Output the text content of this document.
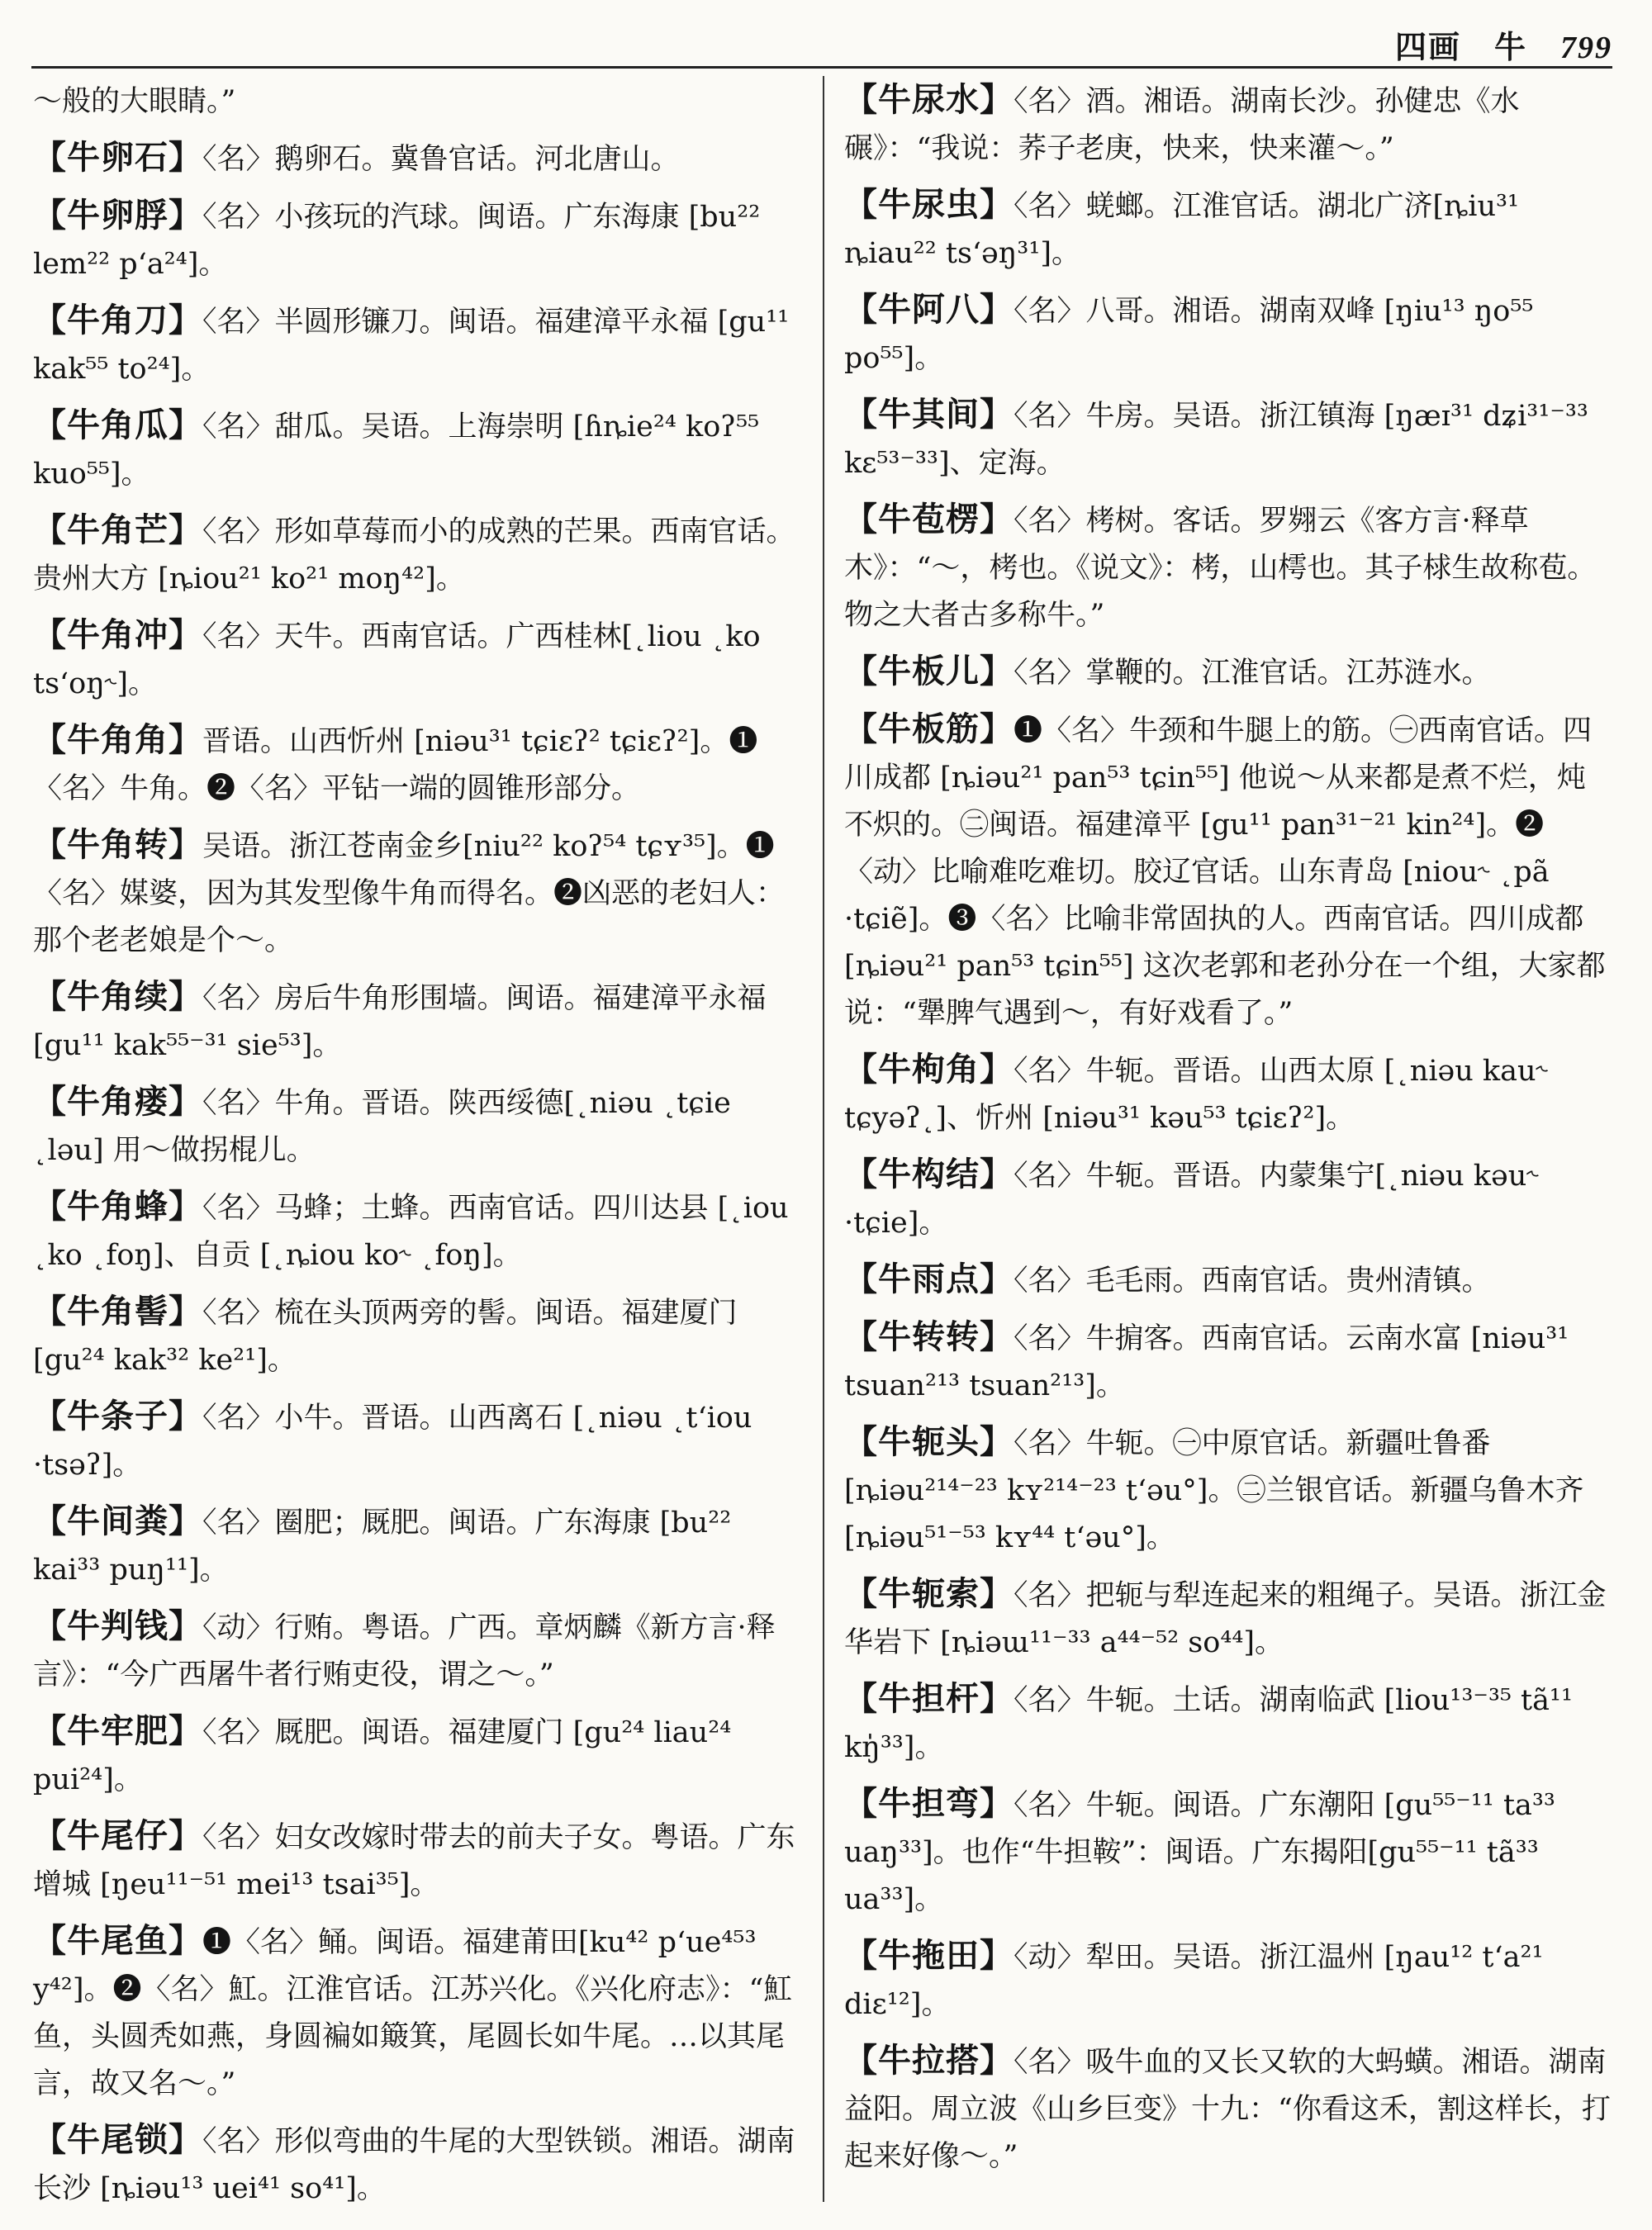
四画　牛 799
～般的大眼睛。”
【牛卵石】〈名〉鹅卵石。冀鲁官话。河北唐山。
【牛卵脬】〈名〉小孩玩的汽球。闽语。广东海康 [bu²² lem²² p‘a²⁴]。
【牛角刀】〈名〉半圆形镰刀。闽语。福建漳平永福 [gu¹¹ kak⁵⁵ to²⁴]。
【牛角瓜】〈名〉甜瓜。吴语。上海崇明 [ɦȵie²⁴ koʔ⁵⁵ kuo⁵⁵]。
【牛角芒】〈名〉形如草莓而小的成熟的芒果。西南官话。贵州大方 [ȵiou²¹ ko²¹ moŋ⁴²]。
【牛角冲】〈名〉天牛。西南官话。广西桂林[˛liou ˛ko ts‘oŋ˞]。
【牛角角】晋语。山西忻州 [niəu³¹ tɕiɛʔ² tɕiɛʔ²]。❶〈名〉牛角。❷〈名〉平钻一端的圆锥形部分。
【牛角转】吴语。浙江苍南金乡[niu²² koʔ⁵⁴ tɕʏ³⁵]。❶〈名〉媒婆，因为其发型像牛角而得名。❷凶恶的老妇人：那个老老娘是个～。
【牛角续】〈名〉房后牛角形围墙。闽语。福建漳平永福 [gu¹¹ kak⁵⁵⁻³¹ sie⁵³]。
【牛角瘘】〈名〉牛角。晋语。陕西绥德[˛niəu ˛tɕie ˛ləu] 用～做拐棍儿。
【牛角蜂】〈名〉马蜂；土蜂。西南官话。四川达县 [˛iou ˛ko ˛foŋ]、自贡 [˛ȵiou ko˞ ˛foŋ]。
【牛角髻】〈名〉梳在头顶两旁的髻。闽语。福建厦门 [gu²⁴ kak³² ke²¹]。
【牛条子】〈名〉小牛。晋语。山西离石 [˛niəu ˛t‘iou ·tsəʔ]。
【牛间粪】〈名〉圈肥；厩肥。闽语。广东海康 [bu²² kai³³ puŋ¹¹]。
【牛判钱】〈动〉行贿。粤语。广西。章炳麟《新方言·释言》：“今广西屠牛者行贿吏役，谓之～。”
【牛牢肥】〈名〉厩肥。闽语。福建厦门 [gu²⁴ liau²⁴ pui²⁴]。
【牛尾仔】〈名〉妇女改嫁时带去的前夫子女。粤语。广东增城 [ŋeu¹¹⁻⁵¹ mei¹³ tsai³⁵]。
【牛尾鱼】❶〈名〉鲬。闽语。福建莆田[ku⁴² p‘ue⁴⁵³ y⁴²]。❷〈名〉魟。江淮官话。江苏兴化。《兴化府志》：“魟鱼，头圆秃如燕，身圆褊如簸箕，尾圆长如牛尾。…以其尾言，故又名～。”
【牛尾锁】〈名〉形似弯曲的牛尾的大型铁锁。湘语。湖南长沙 [ȵiəu¹³ uei⁴¹ so⁴¹]。
【牛尿水】〈名〉酒。湘语。湖南长沙。孙健忠《水碾》：“我说：荞子老庚，快来，快来灌～。”
【牛尿虫】〈名〉蜣螂。江淮官话。湖北广济[ȵiu³¹ ȵiau²² ts‘əŋ³¹]。
【牛阿八】〈名〉八哥。湘语。湖南双峰 [ŋiu¹³ ŋo⁵⁵ po⁵⁵]。
【牛其间】〈名〉牛房。吴语。浙江镇海 [ŋæɪ³¹ dʑi³¹⁻³³ kɛ⁵³⁻³³]、定海。
【牛苞楞】〈名〉栲树。客话。罗翙云《客方言·释草木》：“～，栲也。《说文》：栲，山樗也。其子梂生故称苞。物之大者古多称牛。”
【牛板儿】〈名〉掌鞭的。江淮官话。江苏涟水。
【牛板筋】❶〈名〉牛颈和牛腿上的筋。㊀西南官话。四川成都 [ȵiəu²¹ pan⁵³ tɕin⁵⁵] 他说～从来都是煮不烂，炖不炽的。㊁闽语。福建漳平 [gu¹¹ pan³¹⁻²¹ kin²⁴]。❷〈动〉比喻难吃难切。胶辽官话。山东青岛 [niou˞ ˛pã ·tɕiẽ]。❸〈名〉比喻非常固执的人。西南官话。四川成都 [ȵiəu²¹ pan⁵³ tɕin⁵⁵] 这次老郭和老孙分在一个组，大家都说：“犟脾气遇到～，有好戏看了。”
【牛枸角】〈名〉牛轭。晋语。山西太原 [˛niəu kau˞ tɕyəʔ˛]、忻州 [niəu³¹ kəu⁵³ tɕiɛʔ²]。
【牛构结】〈名〉牛轭。晋语。内蒙集宁[˛niəu kəu˞ ·tɕie]。
【牛雨点】〈名〉毛毛雨。西南官话。贵州清镇。
【牛转转】〈名〉牛掮客。西南官话。云南水富 [niəu³¹ tsuan²¹³ tsuan²¹³]。
【牛轭头】〈名〉牛轭。㊀中原官话。新疆吐鲁番 [ȵiəu²¹⁴⁻²³ kʏ²¹⁴⁻²³ t‘əu°]。㊁兰银官话。新疆乌鲁木齐[ȵiəu⁵¹⁻⁵³ kʏ⁴⁴ t‘əu°]。
【牛轭索】〈名〉把轭与犁连起来的粗绳子。吴语。浙江金华岩下 [ȵiəɯ¹¹⁻³³ a⁴⁴⁻⁵² so⁴⁴]。
【牛担杆】〈名〉牛轭。土话。湖南临武 [liou¹³⁻³⁵ tã¹¹ kŋ̍³³]。
【牛担弯】〈名〉牛轭。闽语。广东潮阳 [gu⁵⁵⁻¹¹ ta³³ uaŋ³³]。也作“牛担鞍”：闽语。广东揭阳[gu⁵⁵⁻¹¹ tã³³ ua³³]。
【牛拖田】〈动〉犁田。吴语。浙江温州 [ŋau¹² t‘a²¹ diɛ¹²]。
【牛拉搭】〈名〉吸牛血的又长又软的大蚂蟥。湘语。湖南益阳。周立波《山乡巨变》十九：“你看这禾，割这样长，打起来好像～。”
